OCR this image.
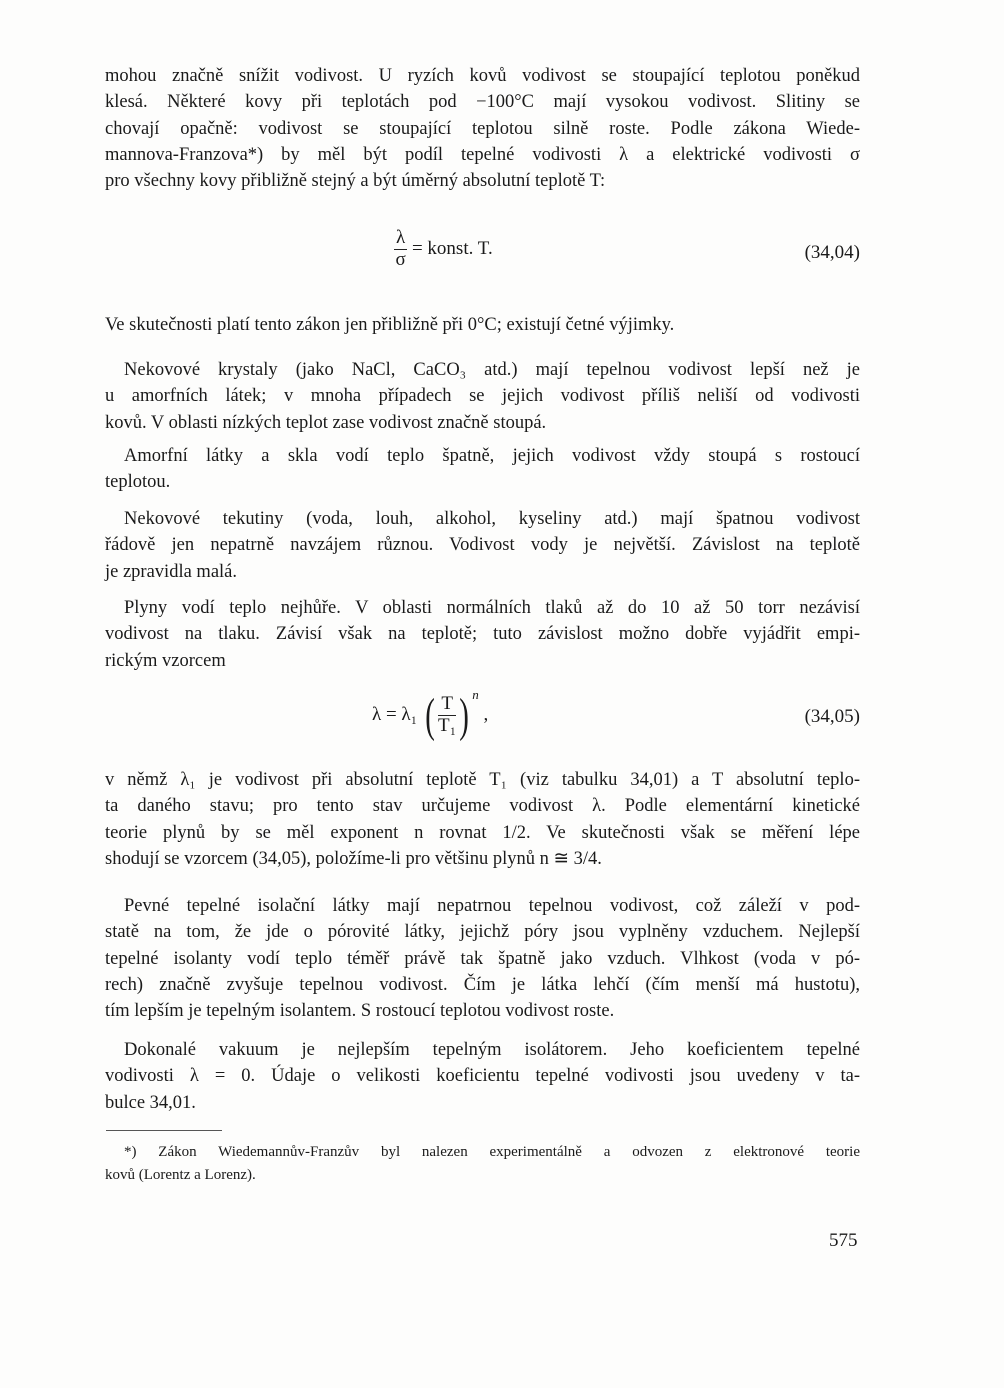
mohou značně snížit vodivost. U ryzích kovů vodivost se stoupající teplotou poněkud
klesá. Některé kovy při teplotách pod −100°C mají vysokou vodivost. Slitiny se
chovají opačně: vodivost se stoupající teplotou silně roste. Podle zákona Wiede-
mannova-Franzova*) by měl být podíl tepelné vodivosti λ a elektrické vodivosti σ
pro všechny kovy přibližně stejný a být úměrný absolutní teplotě T:
$\frac{\lambda}{\sigma}$ = konst. T.	(34,04)
Ve skutečnosti platí tento zákon jen přibližně při 0°C; existují četné výjimky.
Nekovové krystaly (jako NaCl, CaCO₃ atd.) mají tepelnou vodivost lepší než je
u amorfních látek; v mnoha případech se jejich vodivost příliš neliší od vodivosti
kovů. V oblasti nízkých teplot zase vodivost značně stoupá.
Amorfní látky a skla vodí teplo špatně, jejich vodivost vždy stoupá s rostoucí
teplotou.
Nekovové tekutiny (voda, louh, alkohol, kyseliny atd.) mají špatnou vodivost
řádově jen nepatrně navzájem různou. Vodivost vody je největší. Závislost na teplotě
je zpravidla malá.
Plyny vodí teplo nejhůře. V oblasti normálních tlaků až do 10 až 50 torr nezávisí
vodivost na tlaku. Závisí však na teplotě; tuto závislost možno dobře vyjádřit empi-
rickým vzorcem
λ = λ₁ ( $\frac{T}{\text{T₁}}$ ) $^n$ ,	(34,05)
v němž λ₁ je vodivost při absolutní teplotě T₁ (viz tabulku 34,01) a T absolutní teplo-
ta daného stavu; pro tento stav určujeme vodivost λ. Podle elementární kinetické
teorie plynů by se měl exponent n rovnat 1/2. Ve skutečnosti však se měření lépe
shodují se vzorcem (34,05), položíme-li pro většinu plynů n ≅ 3/4.
Pevné tepelné isolační látky mají nepatrnou tepelnou vodivost, což záleží v pod-
statě na tom, že jde o pórovité látky, jejichž póry jsou vyplněny vzduchem. Nejlepší
tepelné isolanty vodí teplo téměř právě tak špatně jako vzduch. Vlhkost (voda v pó-
rech) značně zvyšuje tepelnou vodivost. Čím je látka lehčí (čím menší má hustotu),
tím lepším je tepelným isolantem. S rostoucí teplotou vodivost roste.
Dokonalé vakuum je nejlepším tepelným isolátorem. Jeho koeficientem tepelné
vodivosti λ = 0. Údaje o velikosti koeficientu tepelné vodivosti jsou uvedeny v ta-
bulce 34,01.
*) Zákon Wiedemannův-Franzův byl nalezen experimentálně a odvozen z elektronové teorie
kovů (Lorentz a Lorenz).
575
